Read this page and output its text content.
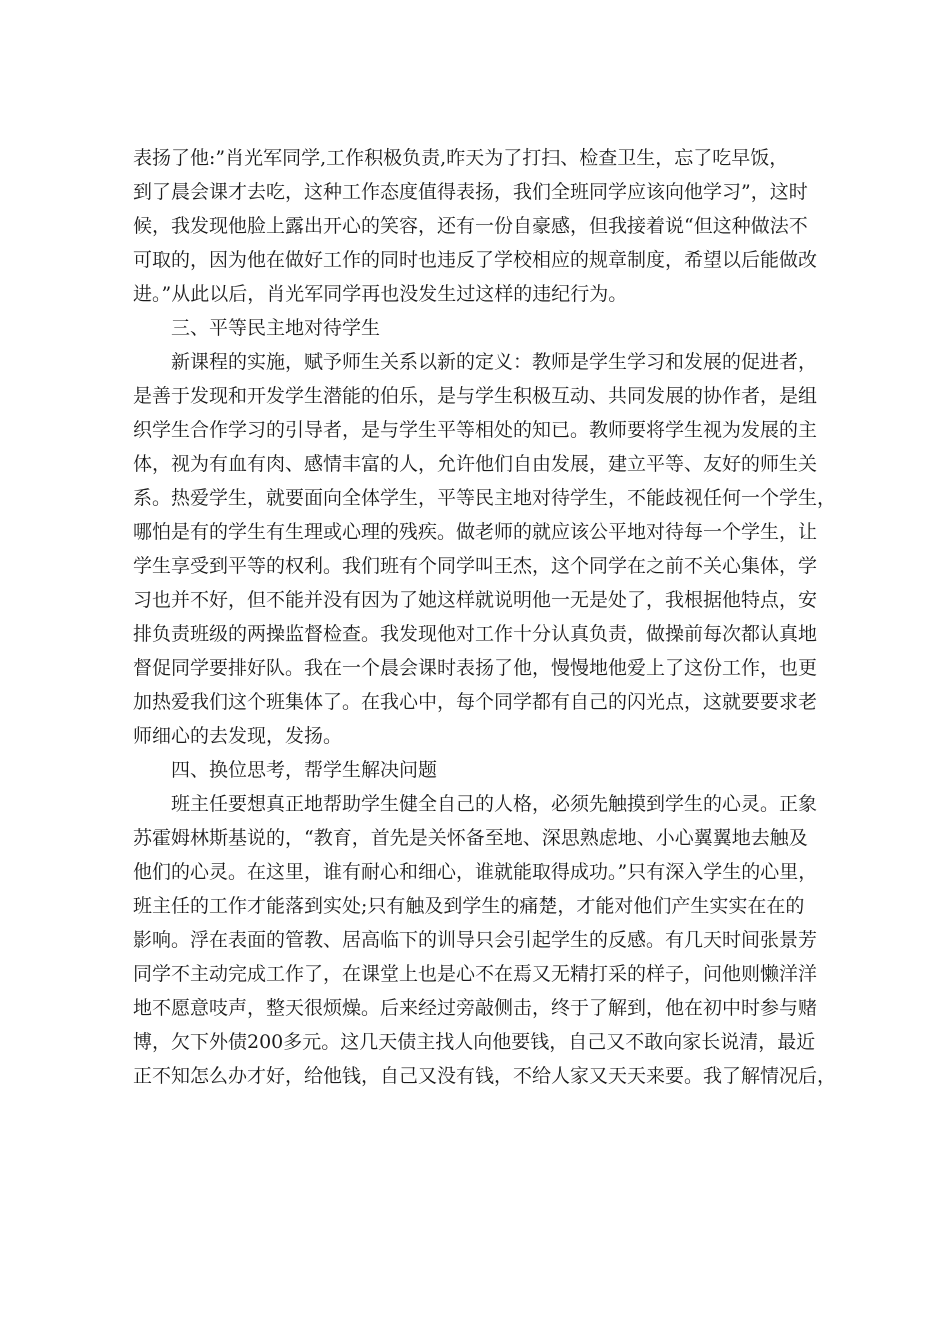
表扬了他:”肖光军同学,工作积极负责,昨天为了打扫、检查卫生，忘了吃早饭，
到了晨会课才去吃，这种工作态度值得表扬，我们全班同学应该向他学习”，这时
候，我发现他脸上露出开心的笑容，还有一份自豪感，但我接着说“但这种做法不
可取的，因为他在做好工作的同时也违反了学校相应的规章制度，希望以后能做改
进。”从此以后，肖光军同学再也没发生过这样的违纪行为。
三、平等民主地对待学生
新课程的实施，赋予师生关系以新的定义：教师是学生学习和发展的促进者，
是善于发现和开发学生潜能的伯乐，是与学生积极互动、共同发展的协作者，是组
织学生合作学习的引导者，是与学生平等相处的知已。教师要将学生视为发展的主
体，视为有血有肉、感情丰富的人，允许他们自由发展，建立平等、友好的师生关
系。热爱学生，就要面向全体学生，平等民主地对待学生，不能歧视任何一个学生，
哪怕是有的学生有生理或心理的残疾。做老师的就应该公平地对待每一个学生，让
学生享受到平等的权利。我们班有个同学叫王杰，这个同学在之前不关心集体，学
习也并不好，但不能并没有因为了她这样就说明他一无是处了，我根据他特点，安
排负责班级的两操监督检查。我发现他对工作十分认真负责，做操前每次都认真地
督促同学要排好队。我在一个晨会课时表扬了他，慢慢地他爱上了这份工作，也更
加热爱我们这个班集体了。在我心中，每个同学都有自己的闪光点，这就要要求老
师细心的去发现，发扬。
四、换位思考，帮学生解决问题
班主任要想真正地帮助学生健全自己的人格，必须先触摸到学生的心灵。正象
苏霍姆林斯基说的，“教育，首先是关怀备至地、深思熟虑地、小心翼翼地去触及
他们的心灵。在这里，谁有耐心和细心，谁就能取得成功。”只有深入学生的心里，
班主任的工作才能落到实处;只有触及到学生的痛楚，才能对他们产生实实在在的
影响。浮在表面的管教、居高临下的训导只会引起学生的反感。有几天时间张景芳
同学不主动完成工作了，在课堂上也是心不在焉又无精打采的样子，问他则懒洋洋
地不愿意吱声，整天很烦燥。后来经过旁敲侧击，终于了解到，他在初中时参与赌
博，欠下外债200多元。这几天债主找人向他要钱，自己又不敢向家长说清，最近
正不知怎么办才好，给他钱，自己又没有钱，不给人家又天天来要。我了解情况后，
